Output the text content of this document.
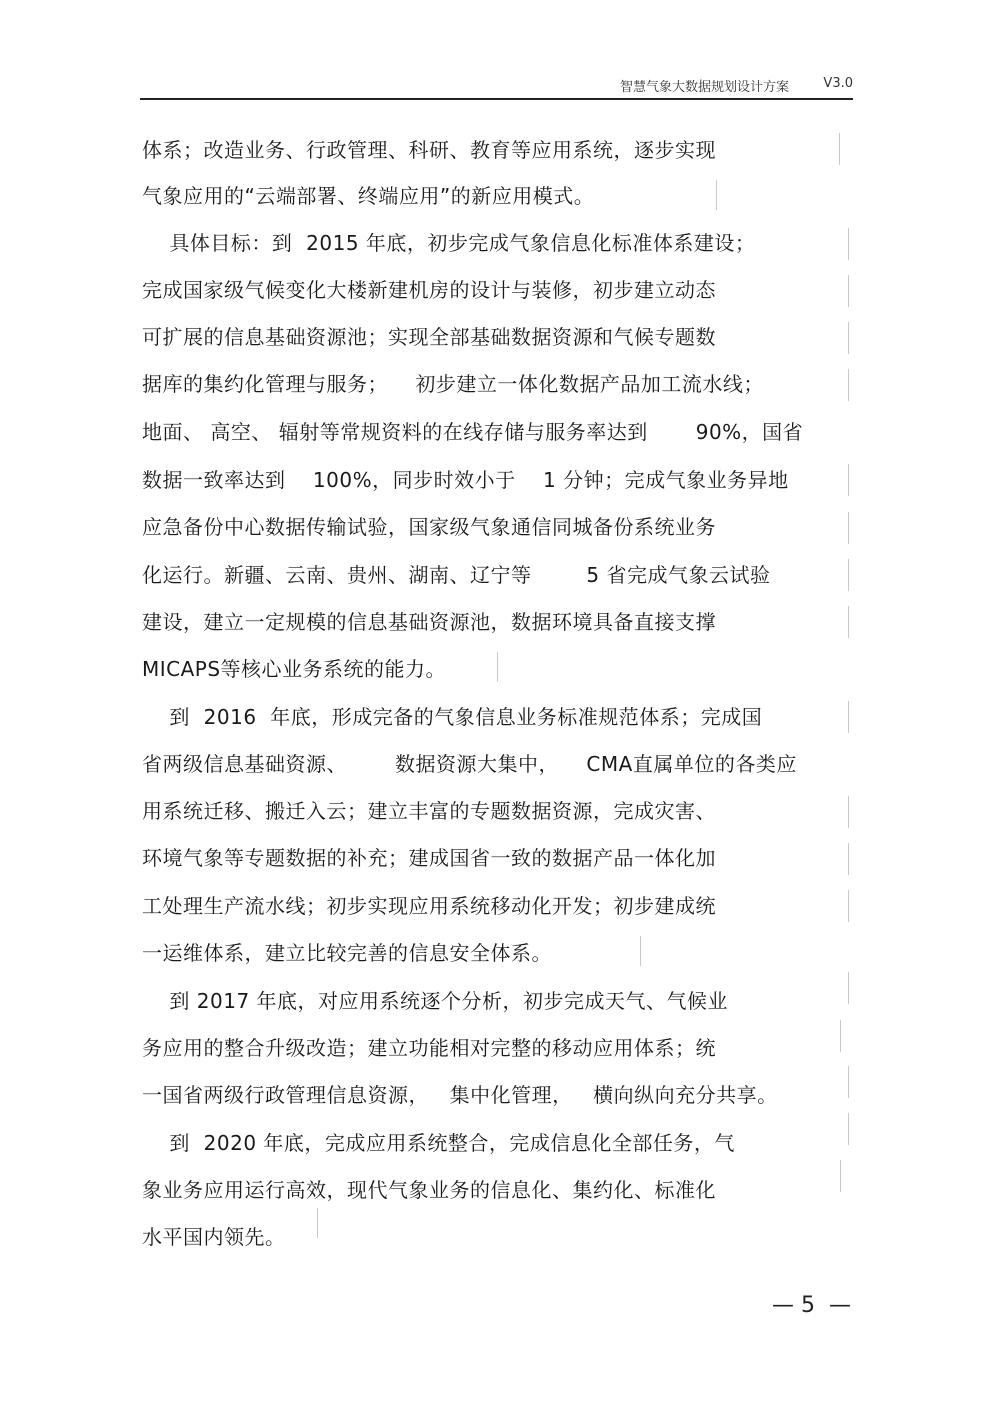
智慧气象大数据规划设计方案	V3.0
体系；改造业务、行政管理、科研、教育等应用系统，逐步实现
气象应用的“云端部署、终端应用”的新应用模式。
具体目标：到  2015 年底，初步完成气象信息化标准体系建设；
完成国家级气候变化大楼新建机房的设计与装修，初步建立动态
可扩展的信息基础资源池；实现全部基础数据资源和气候专题数
据库的集约化管理与服务；    初步建立一体化数据产品加工流水线；
地面、 高空、 辐射等常规资料的在线存储与服务率达到       90%，国省
数据一致率达到    100%，同步时效小于    1 分钟；完成气象业务异地
应急备份中心数据传输试验，国家级气象通信同城备份系统业务
化运行。新疆、云南、贵州、湖南、辽宁等        5 省完成气象云试验
建设，建立一定规模的信息基础资源池，数据环境具备直接支撑
MICAPS等核心业务系统的能力。
到  2016  年底，形成完备的气象信息业务标准规范体系；完成国
省两级信息基础资源、       数据资源大集中，    CMA直属单位的各类应
用系统迁移、搬迁入云；建立丰富的专题数据资源，完成灾害、
环境气象等专题数据的补充；建成国省一致的数据产品一体化加
工处理生产流水线；初步实现应用系统移动化开发；初步建成统
一运维体系，建立比较完善的信息安全体系。
到 2017 年底，对应用系统逐个分析，初步完成天气、气候业
务应用的整合升级改造；建立功能相对完整的移动应用体系；统
一国省两级行政管理信息资源，   集中化管理，   横向纵向充分共享。
到  2020 年底，完成应用系统整合，完成信息化全部任务，气
象业务应用运行高效，现代气象业务的信息化、集约化、标准化
水平国内领先。
— 5  —
